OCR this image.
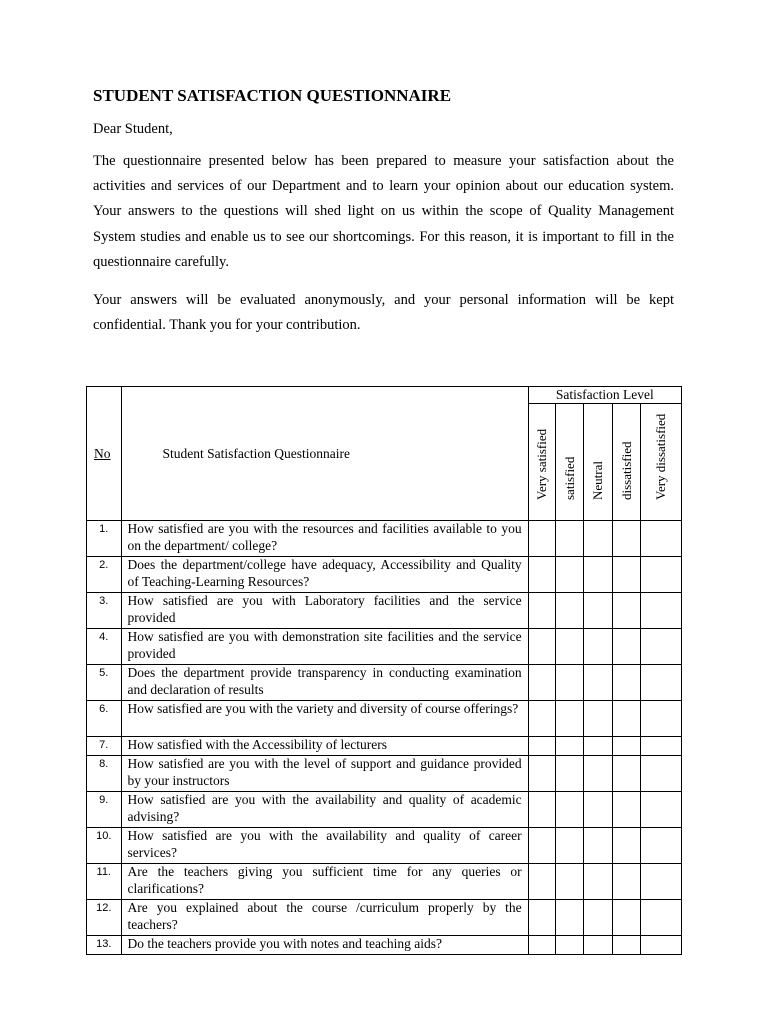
STUDENT SATISFACTION QUESTIONNAIRE

Dear Student,

The questionnaire presented below has been prepared to measure your satisfaction about the activities and services of our Department and to learn your opinion about our education system. Your answers to the questions will shed light on us within the scope of Quality Management System studies and enable us to see our shortcomings. For this reason, it is important to fill in the questionnaire carefully.

Your answers will be evaluated anonymously, and your personal information will be kept confidential. Thank you for your contribution.

No	Student Satisfaction Questionnaire	Satisfaction Level				

		Very satisfied	satisfied	Neutral	dissatisfied	Very dissatisfied

1.	How satisfied are you with the resources and facilities available to you on the department/ college?					
2.	Does the department/college have adequacy, Accessibility and Quality of Teaching-Learning Resources?					
3.	How satisfied are you with Laboratory facilities and the service provided					
4.	How satisfied are you with demonstration site facilities and the service provided					
5.	Does the department provide transparency in conducting examination and declaration of results					
6.	How satisfied are you with the variety and diversity of course offerings?					
7.	How satisfied with the Accessibility of lecturers					
8.	How satisfied are you with the level of support and guidance provided by your instructors					
9.	How satisfied are you with the availability and quality of academic advising?					
10.	How satisfied are you with the availability and quality of career services?					
11.	Are the teachers giving you sufficient time for any queries or clarifications?					
12.	Are you explained about the course /curriculum properly by the teachers?					
13.	Do the teachers provide you with notes and teaching aids?					
